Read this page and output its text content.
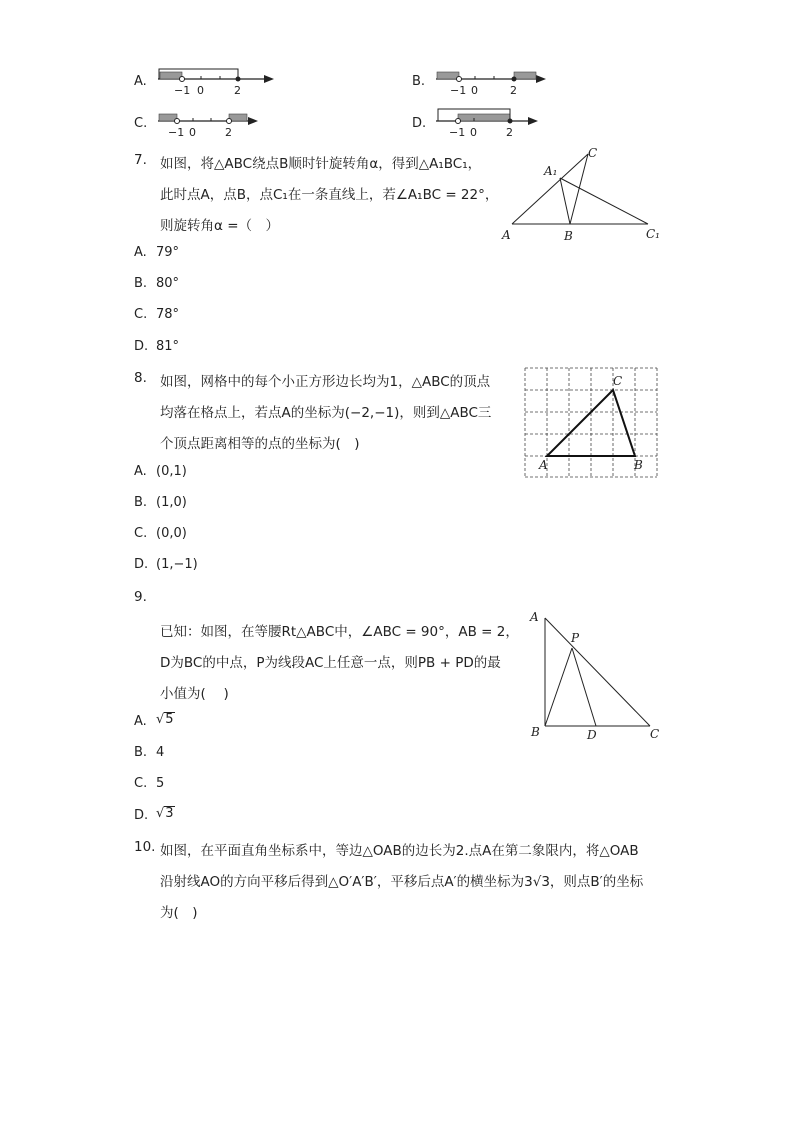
A.
−1 0	2
B.
−1 0	2
C.
−1 0	2
D.
−1 0	2
7. 如图，将△ABC绕点B顺时针旋转角α，得到△A₁BC₁，
此时点A，点B，点C₁在一条直线上，若∠A₁BC = 22°，
则旋转角α =（　）
A	B
C
A₁
C₁
A. 79°
B. 80°
C. 78°
D. 81°
8. 如图，网格中的每个小正方形边长均为1，△ABC的顶点
均落在格点上，若点A的坐标为(−2,−1)，则到△ABC三
个顶点距离相等的点的坐标为(　)
A	B
C
A. (0,1)
B. (1,0)
C. (0,0)
D. (1,−1)
9.
已知：如图，在等腰Rt△ABC中，∠ABC = 90°，AB = 2，
D为BC的中点，P为线段AC上任意一点，则PB + PD的最
小值为(　 )
A
B	C
D
P
A. √5
B. 4
C. 5
D. √3
10. 如图，在平面直角坐标系中，等边△OAB的边长为2.点A在第二象限内，将△OAB
沿射线AO的方向平移后得到△O′A′B′，平移后点A′的横坐标为3√3，则点B′的坐标
为(　)
